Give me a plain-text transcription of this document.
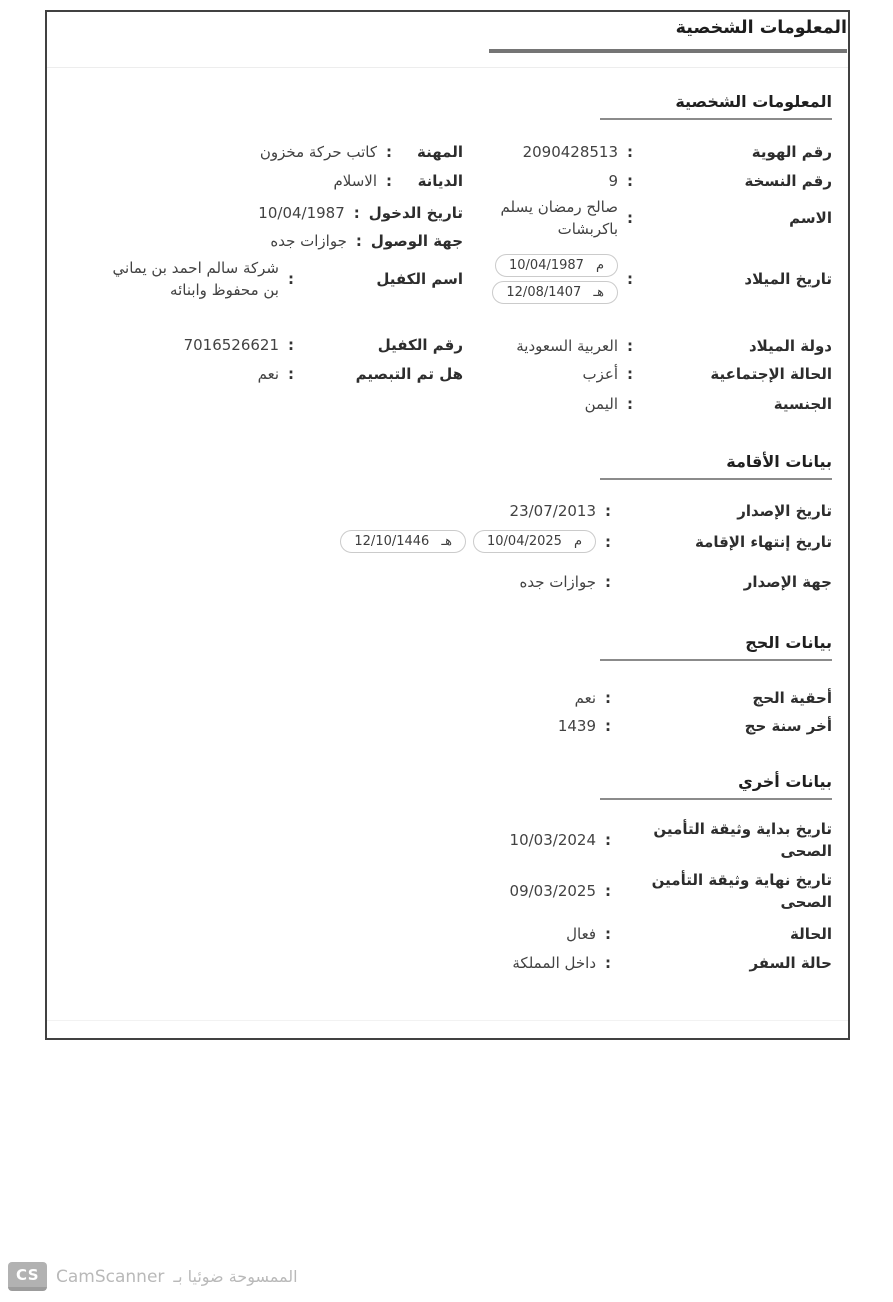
المعلومات الشخصية
المعلومات الشخصية
رقم الهوية
:
2090428513
رقم النسخة
:
9
الاسم
:
صالح رمضان يسلم باكربشات
تاريخ الميلاد
:
م
10/04/1987
هـ
12/08/1407
دولة الميلاد
:
العربية السعودية
الحالة الإجتماعية
:
أعزب
الجنسية
:
اليمن
المهنة
:
كاتب حركة مخزون
الديانة
:
الاسلام
تاريخ الدخول
:
10/04/1987
جهة الوصول
:
جوازات جده
اسم الكفيل
:
شركة سالم احمد بن يماني بن محفوظ وابنائه
رقم الكفيل
:
7016526621
هل تم التبصيم
:
نعم
بيانات الأقامة
تاريخ الإصدار
:
23/07/2013
تاريخ إنتهاء الإقامة
:
م
10/04/2025
هـ
12/10/1446
جهة الإصدار
:
جوازات جده
بيانات الحج
أحقية الحج
:
نعم
أخر سنة حج
:
1439
بيانات أخري
تاريخ بداية وثيقة التأمين
الصحى
:
10/03/2024
تاريخ نهاية وثيقة التأمين
الصحى
:
09/03/2025
الحالة
:
فعال
حالة السفر
:
داخل المملكة
CS CamScanner الممسوحة ضوئيا بـ
